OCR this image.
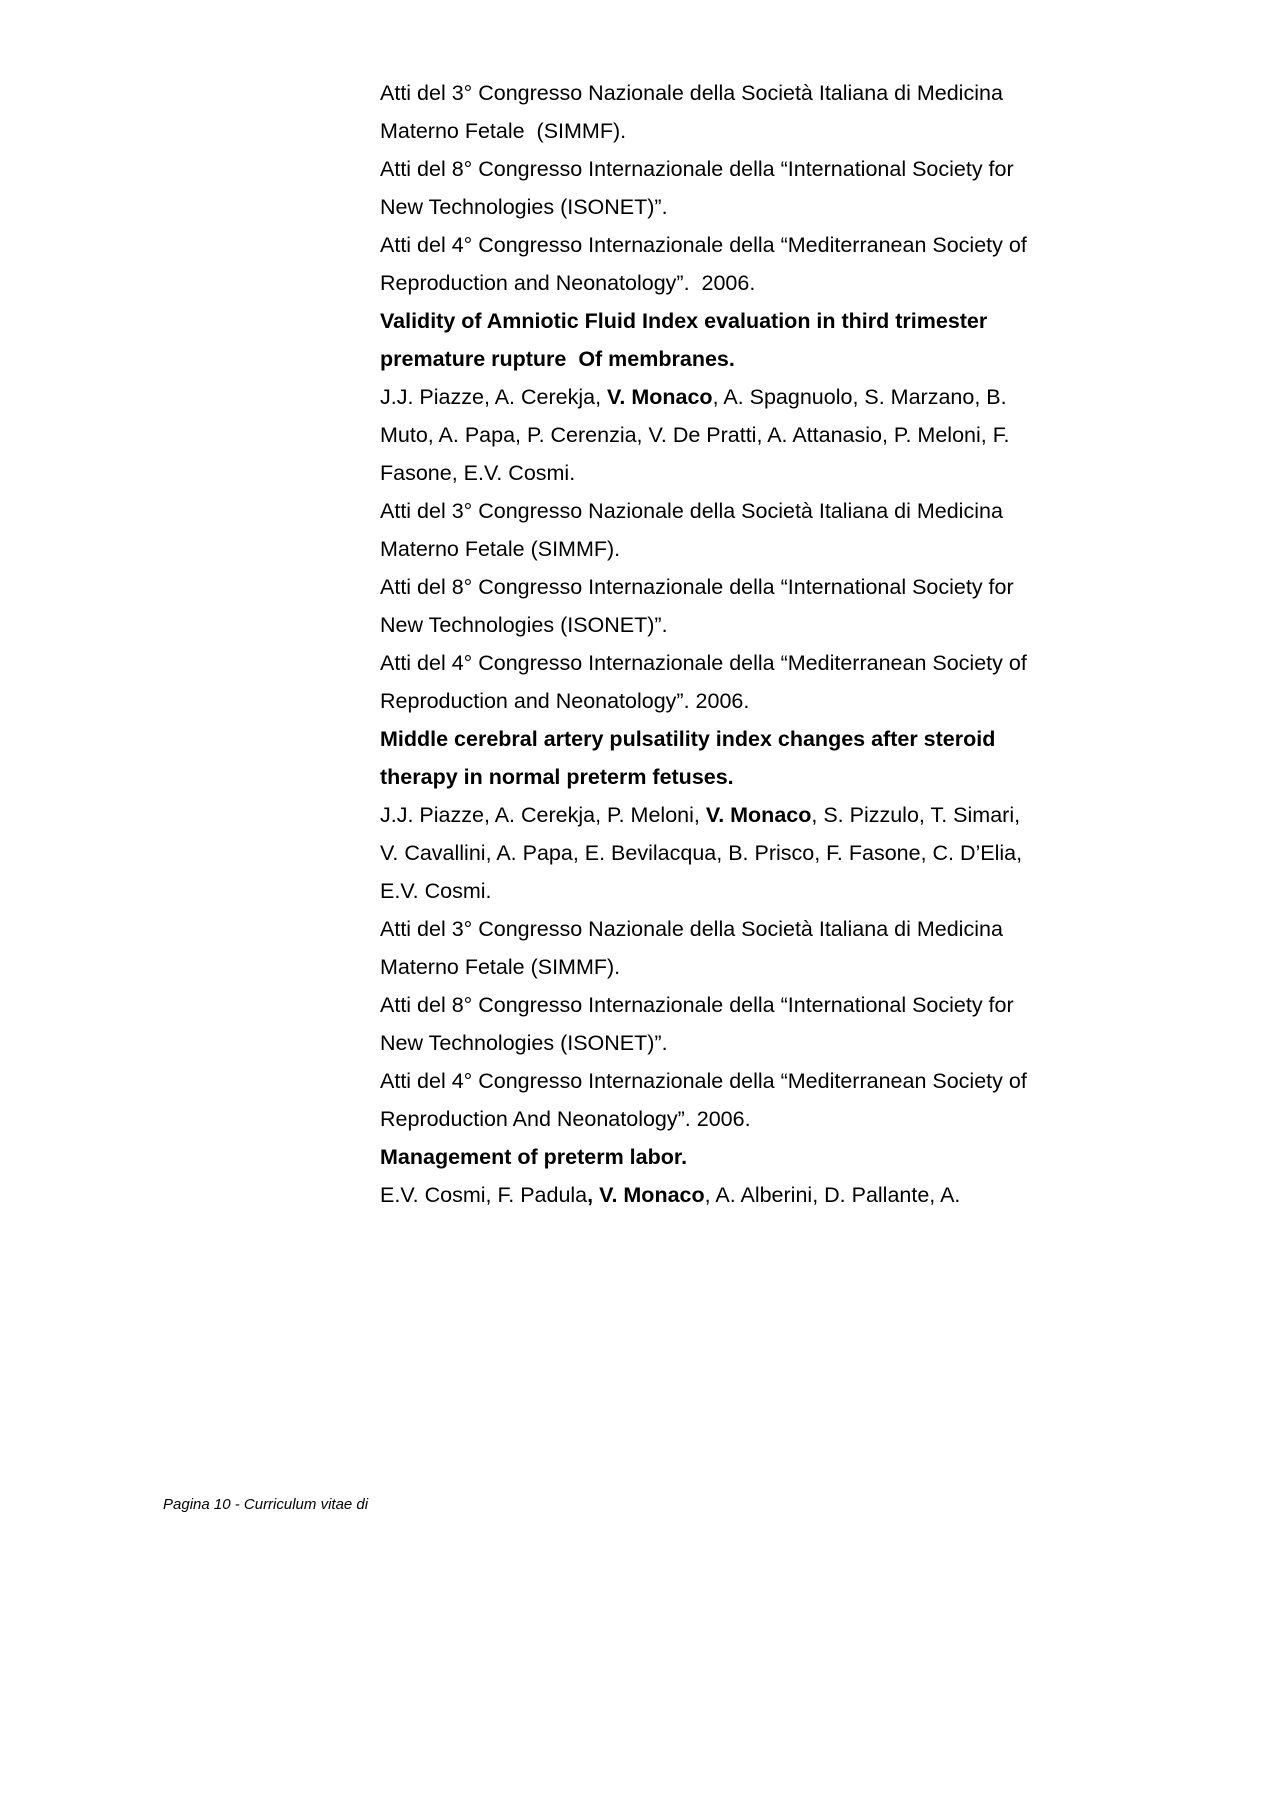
Atti del 3° Congresso Nazionale della Società Italiana di Medicina Materno Fetale  (SIMMF).

Atti del 8° Congresso Internazionale della “International Society for New Technologies (ISONET)”.

Atti del 4° Congresso Internazionale della “Mediterranean Society of Reproduction and Neonatology”.  2006.

Validity of Amniotic Fluid Index evaluation in third trimester premature rupture  Of membranes.

J.J. Piazze, A. Cerekja, V. Monaco, A. Spagnuolo, S. Marzano, B. Muto, A. Papa, P. Cerenzia, V. De Pratti, A. Attanasio, P. Meloni, F. Fasone, E.V. Cosmi.

Atti del 3° Congresso Nazionale della Società Italiana di Medicina Materno Fetale (SIMMF).

Atti del 8° Congresso Internazionale della “International Society for New Technologies (ISONET)”.

Atti del 4° Congresso Internazionale della “Mediterranean Society of Reproduction and Neonatology”. 2006.

Middle cerebral artery pulsatility index changes after steroid therapy in normal preterm fetuses.

J.J. Piazze, A. Cerekja, P. Meloni, V. Monaco, S. Pizzulo, T. Simari, V. Cavallini, A. Papa, E. Bevilacqua, B. Prisco, F. Fasone, C. D’Elia, E.V. Cosmi.

Atti del 3° Congresso Nazionale della Società Italiana di Medicina Materno Fetale (SIMMF).

Atti del 8° Congresso Internazionale della “International Society for New Technologies (ISONET)”.

Atti del 4° Congresso Internazionale della “Mediterranean Society of Reproduction And Neonatology”. 2006.

Management of preterm labor.

E.V. Cosmi, F. Padula, V. Monaco, A. Alberini, D. Pallante, A.

Pagina 10 - Curriculum vitae di
